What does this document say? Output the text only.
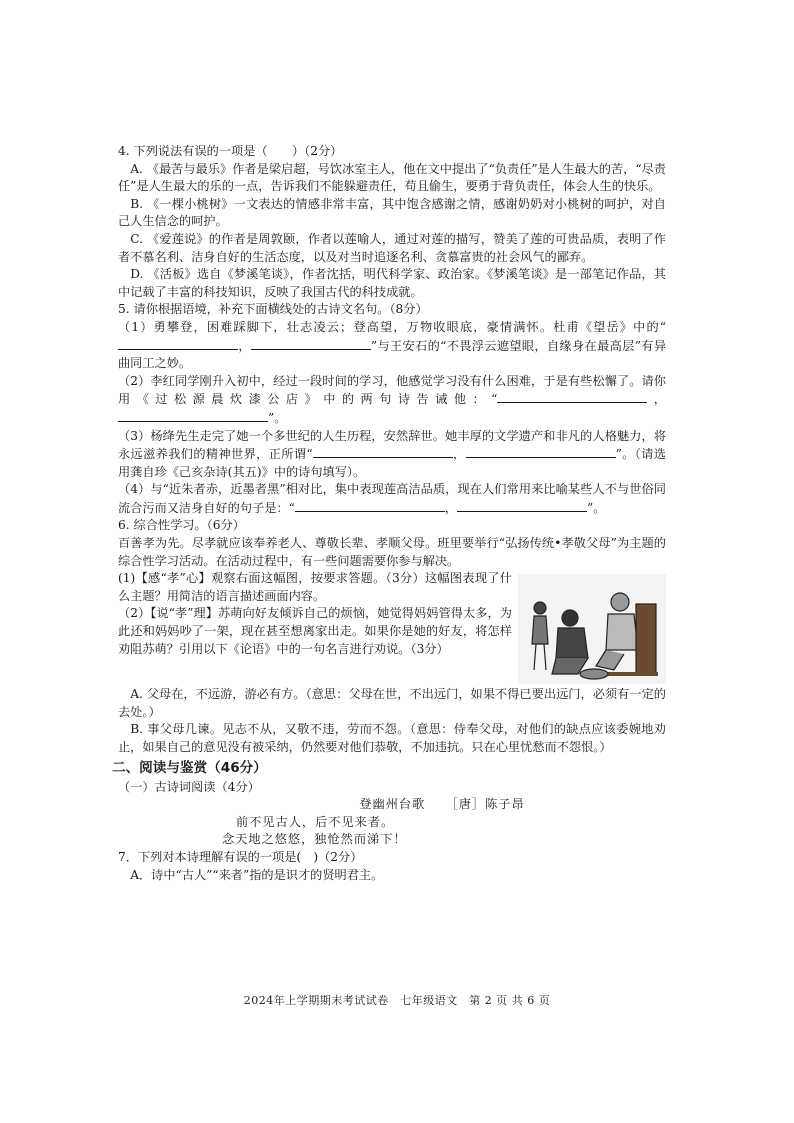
4. 下列说法有误的一项是（　　）（2分）

A. 《最苦与最乐》作者是梁启超，号饮冰室主人，他在文中提出了“负责任”是人生最大的苦，“尽责任”是人生最大的乐的一点，告诉我们不能躲避责任，苟且偷生，要勇于背负责任，体会人生的快乐。

B. 《一棵小桃树》一文表达的情感非常丰富，其中饱含感谢之情，感谢奶奶对小桃树的呵护，对自己人生信念的呵护。

C. 《爱莲说》的作者是周敦颐，作者以莲喻人，通过对莲的描写，赞美了莲的可贵品质，表明了作者不慕名利、洁身自好的生活态度，以及对当时追逐名利、贪慕富贵的社会风气的鄙弃。

D. 《活板》选自《梦溪笔谈》，作者沈括，明代科学家、政治家。《梦溪笔谈》是一部笔记作品，其中记载了丰富的科技知识，反映了我国古代的科技成就。

5. 请你根据语境，补充下面横线处的古诗文名句。（8分）

（1）勇攀登，困难踩脚下，壮志凌云；登高望，万物收眼底，豪情满怀。杜甫《望岳》中的“，	”与王安石的“不畏浮云遮望眼，自缘身在最高层”有异曲同工之妙。

（2）李红同学刚升入初中，经过一段时间的学习，他感觉学习没有什么困难，于是有些松懈了。请你用《过松源晨炊漆公店》中的两句诗告诫他：“	，”。

（3）杨绛先生走完了她一个多世纪的人生历程，安然辞世。她丰厚的文学遗产和非凡的人格魅力，将永远滋养我们的精神世界，正所谓“	，	”。（请选用龚自珍《己亥杂诗(其五)》中的诗句填写）。

（4）与“近朱者赤，近墨者黑”相对比，集中表现莲高洁品质，现在人们常用来比喻某些人不与世俗同流合污而又洁身自好的句子是：“	，	”。

6. 综合性学习。（6分）

百善孝为先。尽孝就应该奉养老人、尊敬长辈、孝顺父母。班里要举行“弘扬传统•孝敬父母”为主题的综合性学习活动。在活动过程中，有一些问题需要你参与解决。

(1)【感“孝”心】观察右面这幅图，按要求答题。（3分）这幅图表现了什么主题？用简洁的语言描述画面内容。

（2）【说“孝”理】苏萌向好友倾诉自己的烦恼，她觉得妈妈管得太多，为此还和妈妈吵了一架，现在甚至想离家出走。如果你是她的好友，将怎样劝阻苏萌？引用以下《论语》中的一句名言进行劝说。（3分）

A. 父母在，不远游，游必有方。（意思：父母在世，不出远门，如果不得已要出远门，必须有一定的去处。）

B. 事父母几谏。见志不从，又敬不违，劳而不怨。（意思：侍奉父母，对他们的缺点应该委婉地劝止，如果自己的意见没有被采纳，仍然要对他们恭敬，不加违抗。只在心里忧愁而不怨恨。）

二、阅读与鉴赏（46分）

（一）古诗词阅读（4分）

登幽州台歌　　［唐］陈子昂

前不见古人，后不见来者。

念天地之悠悠，独怆然而涕下！

7．下列对本诗理解有误的一项是(　)（2分）

A．诗中“古人”“来者”指的是识才的贤明君主。

2024年上学期期末考试试卷　七年级语文　第 2 页 共 6 页
